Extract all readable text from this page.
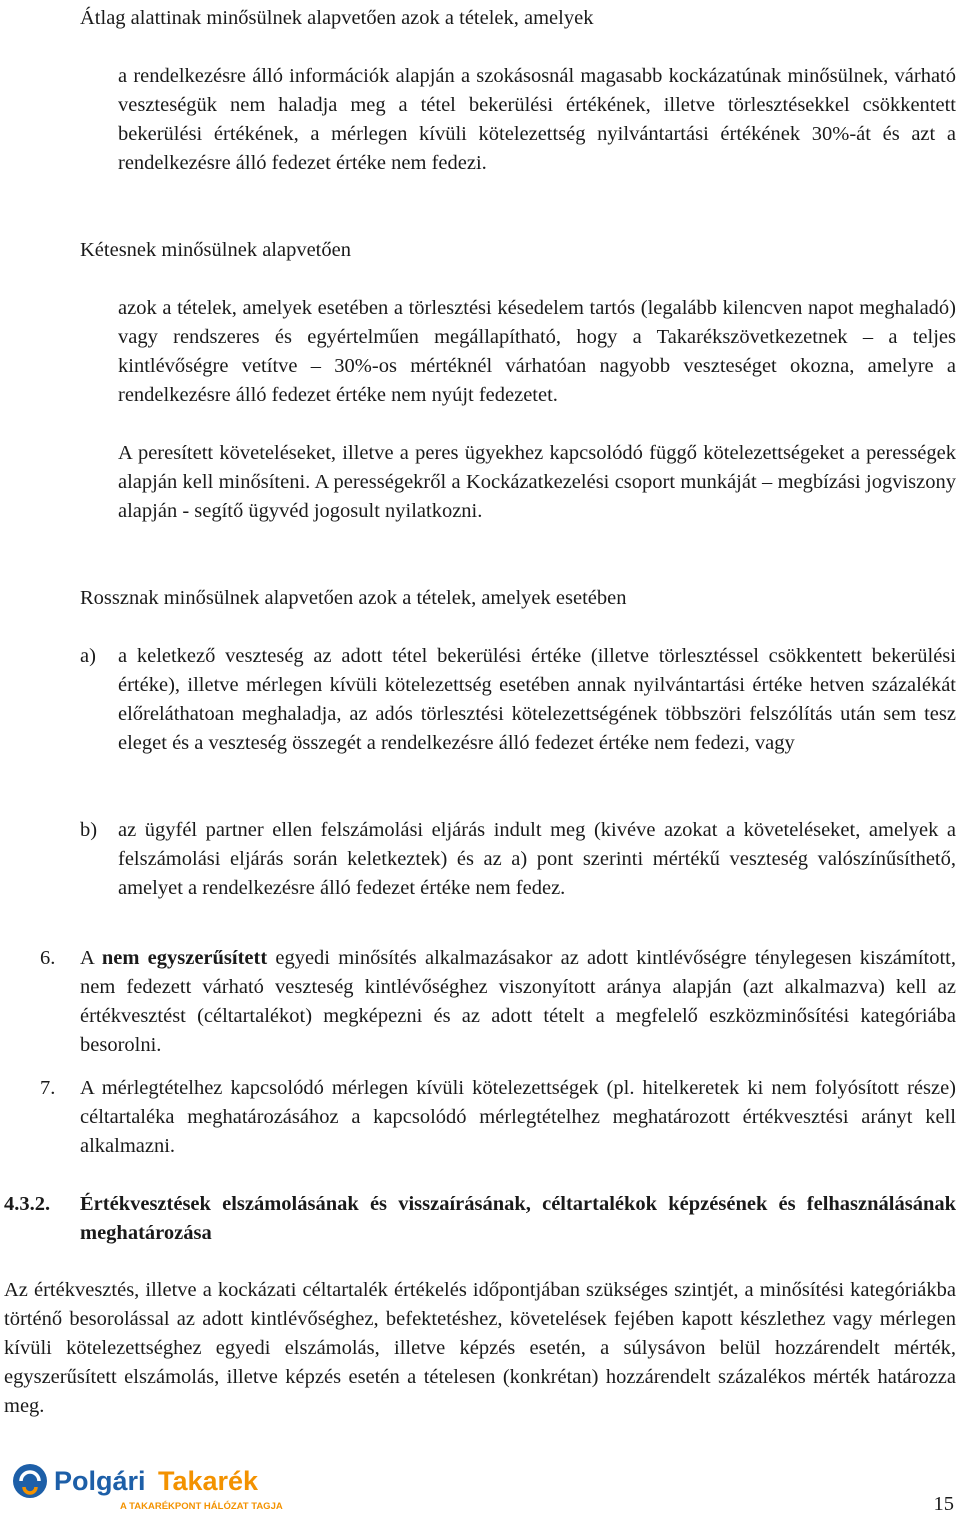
Átlag alattinak minősülnek alapvetően azok a tételek, amelyek

a rendelkezésre álló információk alapján a szokásosnál magasabb kockázatúnak minősülnek, várható veszteségük nem haladja meg a tétel bekerülési értékének, illetve törlesztésekkel csökkentett bekerülési értékének, a mérlegen kívüli kötelezettség nyilvántartási értékének 30%-át és azt a rendelkezésre álló fedezet értéke nem fedezi.

Kétesnek minősülnek alapvetően

azok a tételek, amelyek esetében a törlesztési késedelem tartós (legalább kilencven napot meghaladó) vagy rendszeres és egyértelműen megállapítható, hogy a Takarékszövetkezetnek – a teljes kintlévőségre vetítve – 30%-os mértéknél várhatóan nagyobb veszteséget okozna, amelyre a rendelkezésre álló fedezet értéke nem nyújt fedezetet.

A peresített követeléseket, illetve a peres ügyekhez kapcsolódó függő kötelezettségeket a perességek alapján kell minősíteni. A perességekről a Kockázatkezelési csoport munkáját – megbízási jogviszony alapján - segítő ügyvéd jogosult nyilatkozni.

Rossznak minősülnek alapvetően azok a tételek, amelyek esetében

a) a keletkező veszteség az adott tétel bekerülési értéke (illetve törlesztéssel csökkentett bekerülési értéke), illetve mérlegen kívüli kötelezettség esetében annak nyilvántartási értéke hetven százalékát előreláthatoan meghaladja, az adós törlesztési kötelezettségének többszöri felszólítás után sem tesz eleget és a veszteség összegét a rendelkezésre álló fedezet értéke nem fedezi, vagy

b) az ügyfél partner ellen felszámolási eljárás indult meg (kivéve azokat a követeléseket, amelyek a felszámolási eljárás során keletkeztek) és az a) pont szerinti mértékű veszteség valószínűsíthető, amelyet a rendelkezésre álló fedezet értéke nem fedez.

6. A nem egyszerűsített egyedi minősítés alkalmazásakor az adott kintlévőségre ténylegesen kiszámított, nem fedezett várható veszteség kintlévőséghez viszonyított aránya alapján (azt alkalmazva) kell az értékvesztést (céltartalékot) megképezni és az adott tételt a megfelelő eszközminősítési kategóriába besorolni.

7. A mérlegtételhez kapcsolódó mérlegen kívüli kötelezettségek (pl. hitelkeretek ki nem folyósított része) céltartaléka meghatározásához a kapcsolódó mérlegtételhez meghatározott értékvesztési arányt kell alkalmazni.

4.3.2. Értékvesztések elszámolásának és visszaírásának, céltartalékok képzésének és felhasználásának meghatározása

Az értékvesztés, illetve a kockázati céltartalék értékelés időpontjában szükséges szintjét, a minősítési kategóriákba történő besorolással az adott kintlévőséghez, befektetéshez, követelések fejében kapott készlethez vagy mérlegen kívüli kötelezettséghez egyedi elszámolás, illetve képzés esetén, a súlysávon belül hozzárendelt mérték, egyszerűsített elszámolás, illetve képzés esetén a tételesen (konkrétan) hozzárendelt százalékos mérték határozza meg.

Polgári Takarék
A TAKARÉKPONT HÁLÓZAT TAGJA	15
